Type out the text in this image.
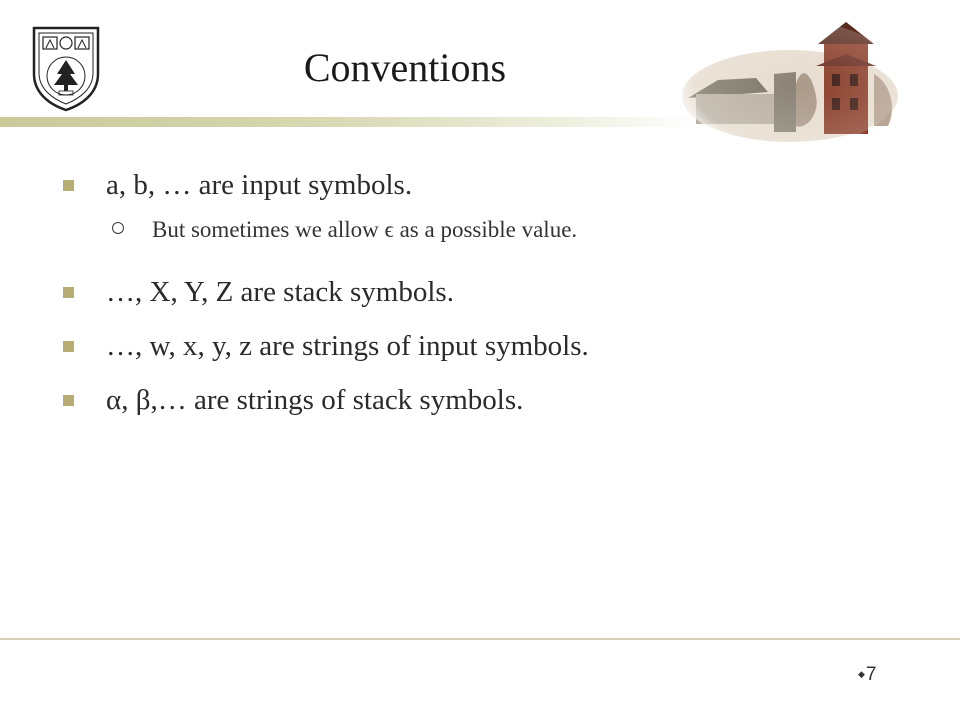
Conventions
a, b, … are input symbols.
But sometimes we allow ϵ as a possible value.
…, X, Y, Z are stack symbols.
…, w, x, y, z are strings of input symbols.
α, β,… are strings of stack symbols.
◆7
